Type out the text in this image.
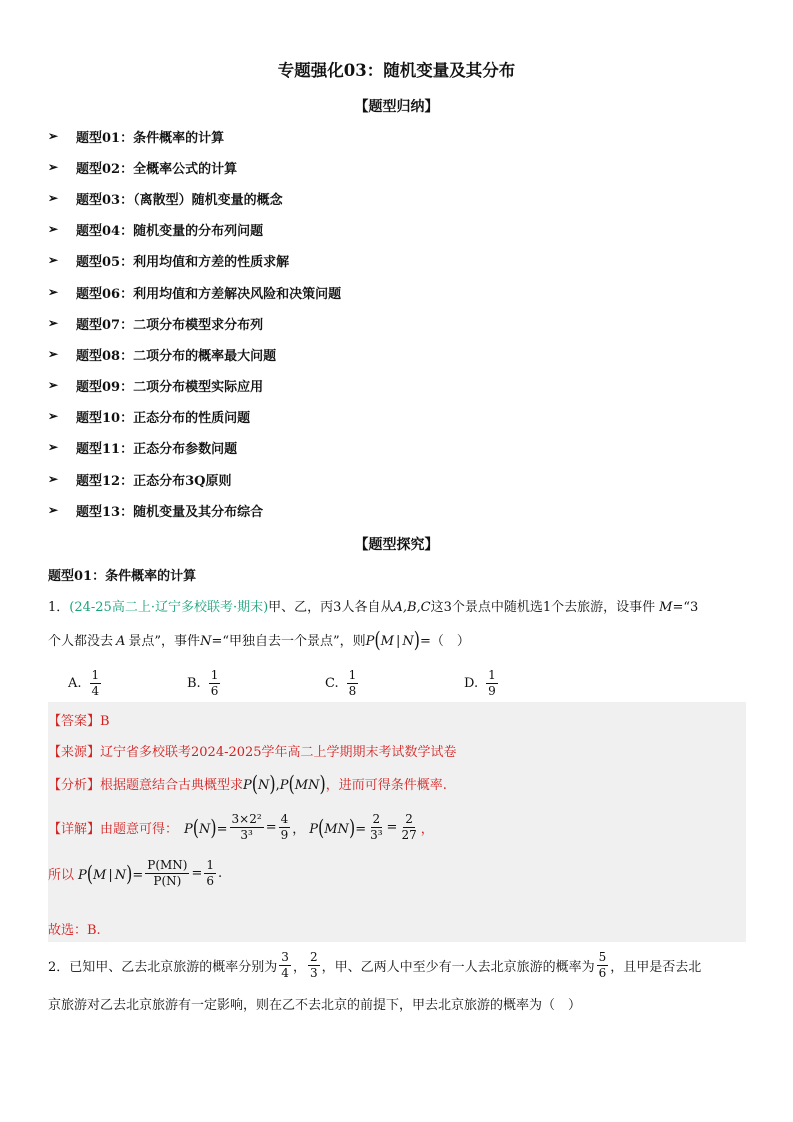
专题强化03：随机变量及其分布
【题型归纳】
➢	题型01：条件概率的计算
➢	题型02：全概率公式的计算
➢	题型03：（离散型）随机变量的概念
➢	题型04：随机变量的分布列问题
➢	题型05：利用均值和方差的性质求解
➢	题型06：利用均值和方差解决风险和决策问题
➢	题型07：二项分布模型求分布列
➢	题型08：二项分布的概率最大问题
➢	题型09：二项分布模型实际应用
➢	题型10：正态分布的性质问题
➢	题型11：正态分布参数问题
➢	题型12：正态分布3Q原则
➢	题型13：随机变量及其分布综合
【题型探究】
题型01：条件概率的计算
1．(24-25高二上·辽宁多校联考·期末)甲、乙，丙3人各自从A,B,C这3个景点中随机选1个去旅游，设事件 M=“3
个人都没去 A 景点”，事件N=“甲独自去一个景点”，则P(M | N)=（　）
A. $\frac{1}{4}$	B. $\frac{1}{6}$	C. $\frac{1}{8}$	D. $\frac{1}{9}$
【答案】B
【来源】辽宁省多校联考2024-2025学年高二上学期期末考试数学试卷
【分析】根据题意结合古典概型求P(N),P(MN)，进而可得条件概率.
【详解】由题意可得： $P(N)= \frac{\text{3×2²}}{\text{3³}} = \frac{4}{9}$ ， $P(MN)= \frac{2}{\text{3³}} = \frac{2}{27}$ ，
所以 P(M | $N)= \frac{P(MN)}{P(N)} = \frac{1}{6}$ .
故选：B.
2． 已知甲、乙去北京旅游的概率分别为 $\frac{3}{4}$ ， $\frac{2}{3}$ ，甲、乙两人中至少有一人去北京旅游的概率为 $\frac{5}{6}$ ，且甲是否去北
京旅游对乙去北京旅游有一定影响，则在乙不去北京的前提下，甲去北京旅游的概率为（　）
